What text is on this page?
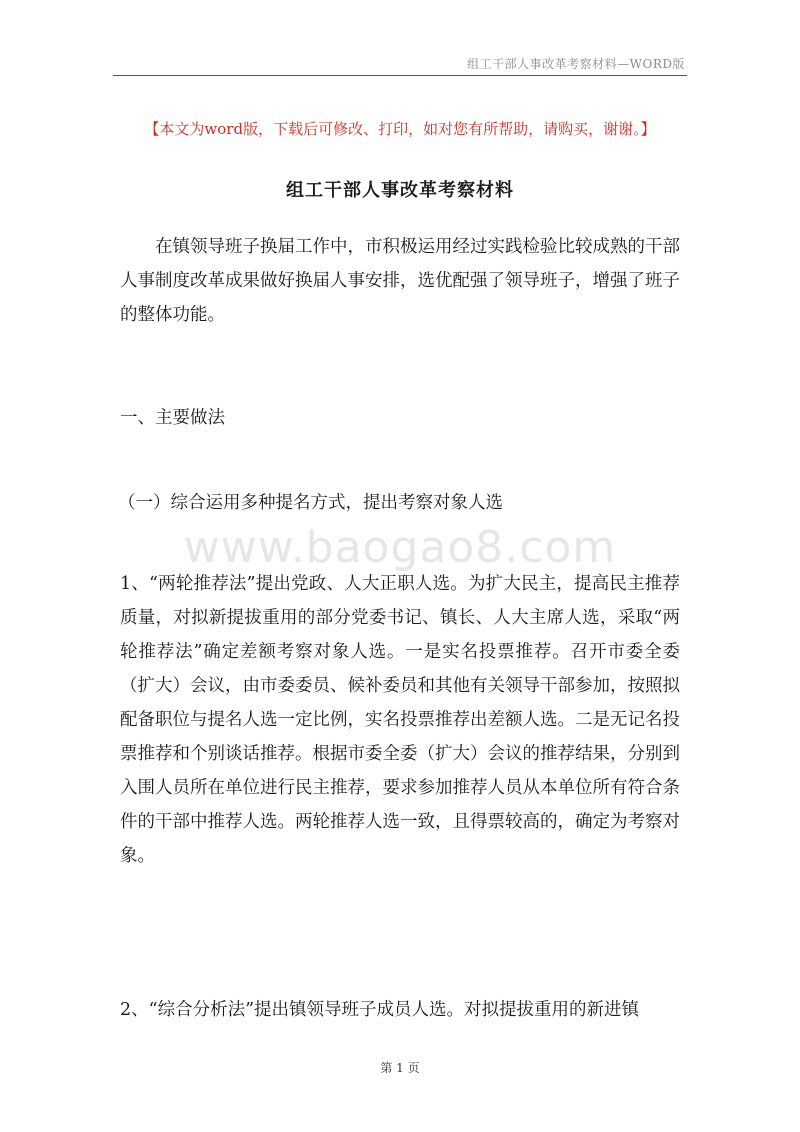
组工干部人事改革考察材料—WORD版
【本文为word版，下载后可修改、打印，如对您有所帮助，请购买，谢谢。】
组工干部人事改革考察材料

在镇领导班子换届工作中，市积极运用经过实践检验比较成熟的干部人事制度改革成果做好换届人事安排，选优配强了领导班子，增强了班子的整体功能。

一、主要做法

（一）综合运用多种提名方式，提出考察对象人选

www.baogao8.com

1、“两轮推荐法”提出党政、人大正职人选。为扩大民主，提高民主推荐质量，对拟新提拔重用的部分党委书记、镇长、人大主席人选，采取“两轮推荐法”确定差额考察对象人选。一是实名投票推荐。召开市委全委（扩大）会议，由市委委员、候补委员和其他有关领导干部参加，按照拟配备职位与提名人选一定比例，实名投票推荐出差额人选。二是无记名投票推荐和个别谈话推荐。根据市委全委（扩大）会议的推荐结果，分别到入围人员所在单位进行民主推荐，要求参加推荐人员从本单位所有符合条件的干部中推荐人选。两轮推荐人选一致，且得票较高的，确定为考察对象。

2、“综合分析法”提出镇领导班子成员人选。对拟提拔重用的新进镇

第 1 页
